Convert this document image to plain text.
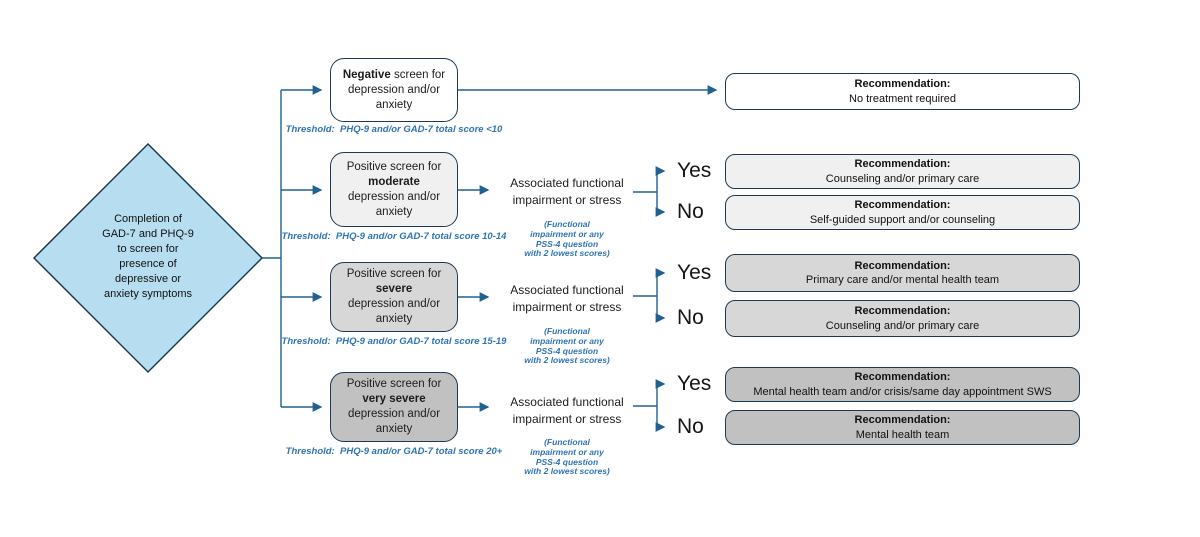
Completion of
GAD-7 and PHQ-9
to screen for
presence of
depressive or
anxiety symptoms
Negative screen for
depression and/or
anxiety
Threshold:  PHQ-9 and/or GAD-7 total score <10
Recommendation:
No treatment required
Positive screen for
moderate
depression and/or
anxiety
Threshold:  PHQ-9 and/or GAD-7 total score 10-14
Associated functional
impairment or stress
(Functional
impairment or any
PSS-4 question
with 2 lowest scores)
Yes
No
Recommendation:
Counseling and/or primary care
Recommendation:
Self-guided support and/or counseling
Positive screen for
severe
depression and/or
anxiety
Threshold:  PHQ-9 and/or GAD-7 total score 15-19
Associated functional
impairment or stress
(Functional
impairment or any
PSS-4 question
with 2 lowest scores)
Yes
No
Recommendation:
Primary care and/or mental health team
Recommendation:
Counseling and/or primary care
Positive screen for
very severe
depression and/or
anxiety
Threshold:  PHQ-9 and/or GAD-7 total score 20+
Associated functional
impairment or stress
(Functional
impairment or any
PSS-4 question
with 2 lowest scores)
Yes
No
Recommendation:
Mental health team and/or crisis/same day appointment SWS
Recommendation:
Mental health team
